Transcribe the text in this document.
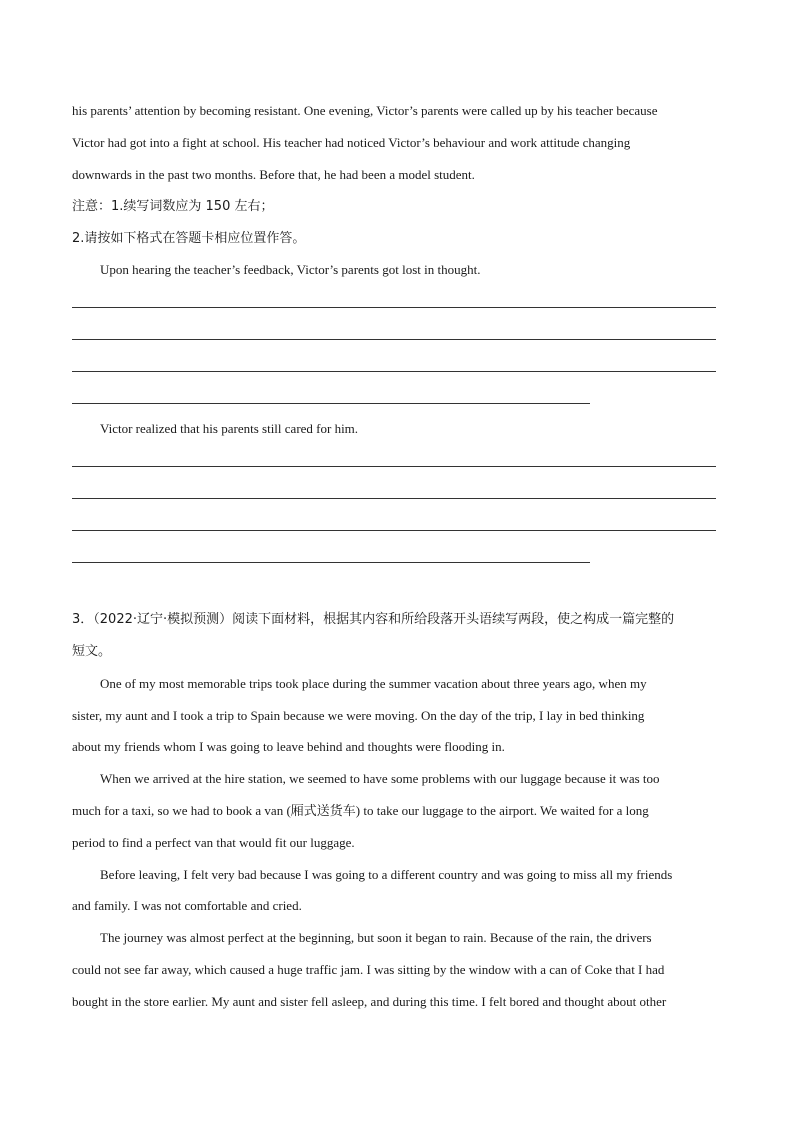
his parents’ attention by becoming resistant. One evening, Victor’s parents were called up by his teacher because
Victor had got into a fight at school. His teacher had noticed Victor’s behaviour and work attitude changing
downwards in the past two months. Before that, he had been a model student.
注意：1.续写词数应为 150 左右；
2.请按如下格式在答题卡相应位置作答。
Upon hearing the teacher’s feedback, Victor’s parents got lost in thought.
Victor realized that his parents still cared for him.
3．（2022·辽宁·模拟预测）阅读下面材料，根据其内容和所给段落开头语续写两段，使之构成一篇完整的
短文。
One of my most memorable trips took place during the summer vacation about three years ago, when my
sister, my aunt and I took a trip to Spain because we were moving. On the day of the trip, I lay in bed thinking
about my friends whom I was going to leave behind and thoughts were flooding in.
When we arrived at the hire station, we seemed to have some problems with our luggage because it was too
much for a taxi, so we had to book a van (厢式送货车) to take our luggage to the airport. We waited for a long
period to find a perfect van that would fit our luggage.
Before leaving, I felt very bad because I was going to a different country and was going to miss all my friends
and family. I was not comfortable and cried.
The journey was almost perfect at the beginning, but soon it began to rain. Because of the rain, the drivers
could not see far away, which caused a huge traffic jam. I was sitting by the window with a can of Coke that I had
bought in the store earlier. My aunt and sister fell asleep, and during this time. I felt bored and thought about other
